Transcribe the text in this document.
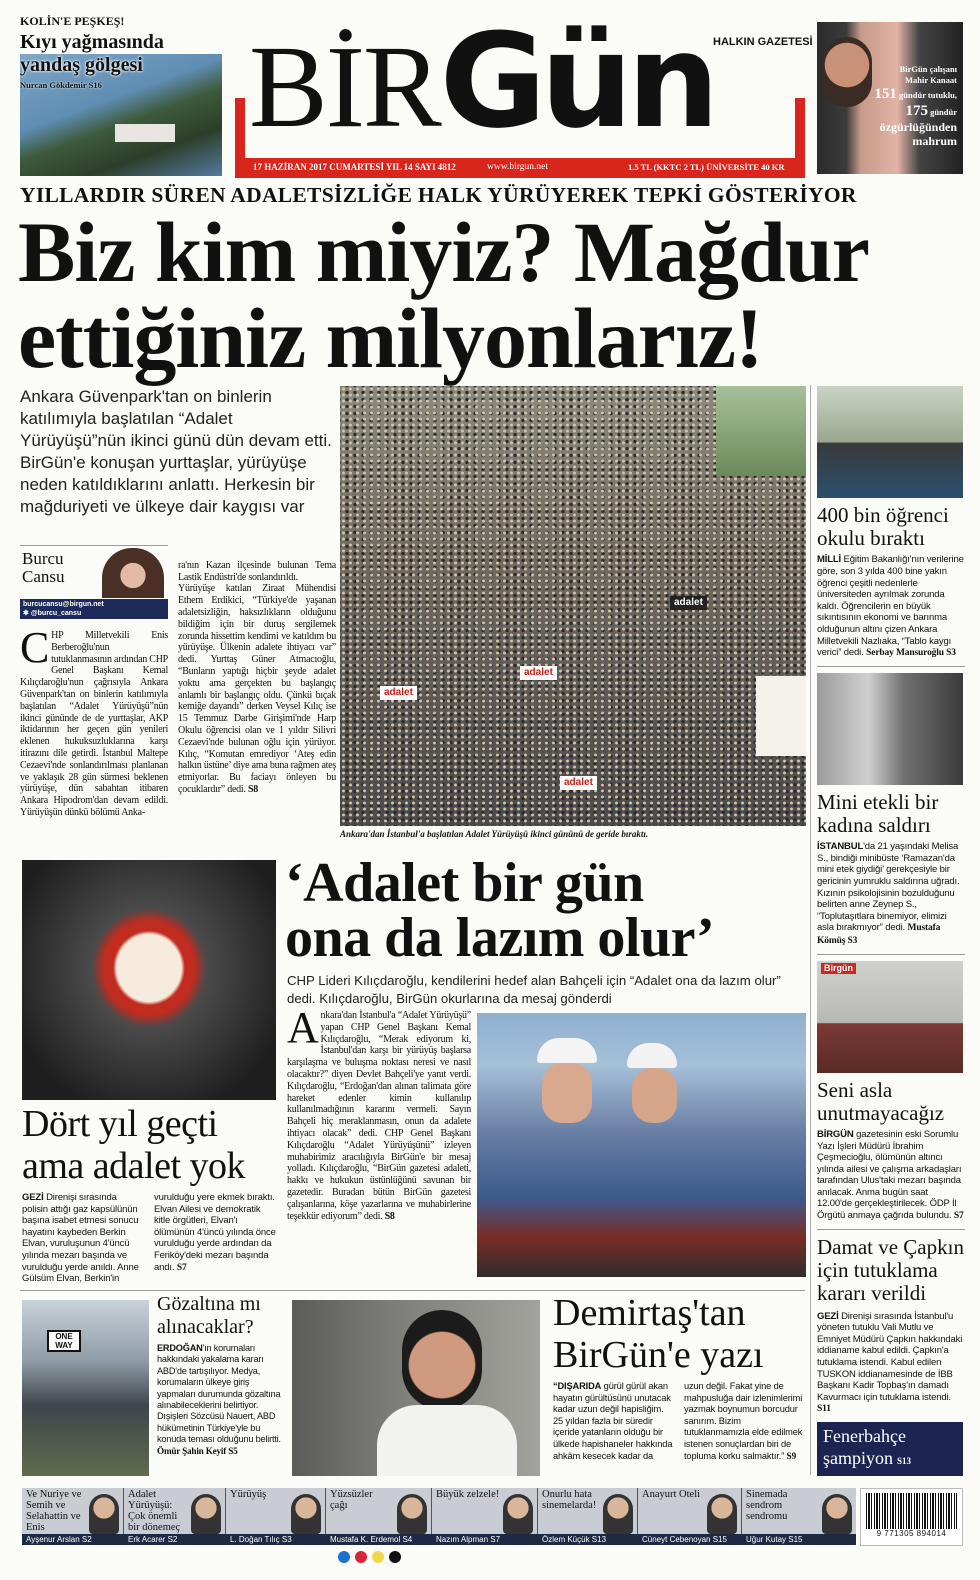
KOLİN'E PEŞKEŞ!
Kıyı yağmasında yandaş gölgesi
Nurcan Gökdemir S16 BİRGün HALKIN GAZETESİ
17 HAZİRAN 2017 CUMARTESİ YIL 14 SAYI 4812	www.birgun.net	1.5 TL (KKTC 2 TL) ÜNİVERSİTE 40 KR
BirGün çalışanı
Mahir Kanaat
151 gündür tutuklu,
175 gündür
özgürlüğünden
mahrum
YILLARDIR SÜREN ADALETSİZLİĞE HALK YÜRÜYEREK TEPKİ GÖSTERİYOR
Biz kim miyiz? Mağdur
ettiğiniz milyonlarız!
Ankara Güvenpark'tan on binlerin katılımıyla başlatılan “Adalet Yürüyüşü”nün ikinci günü dün devam etti. BirGün'e konuşan yurttaşlar, yürüyüşe neden katıldıklarını anlattı. Herkesin bir mağduriyeti ve ülkeye dair kaygısı var
Burcu
Cansu
burcucansu@birgun.net
✱ @burcu_cansu
CHP Milletvekili Enis Berberoğlu'nun tutuklanmasının ardından CHP Genel Başkanı Kemal Kılıçdaroğlu'nun çağrısıyla Ankara Güvenpark'tan on binlerin katılımıyla başlatılan “Adalet Yürüyüşü”nün ikinci gününde de de yurttaşlar, AKP iktidarının her geçen gün yenileri eklenen hukuksuzluklarına karşı itirazını dile getirdi. İstanbul Maltepe Cezaevi'nde sonlandırılması planlanan ve yaklaşık 28 gün sürmesi beklenen yürüyüşe, dün sabahtan itibaren Ankara Hipodrom'dan devam edildi. Yürüyüşün dünkü bölümü Anka-

ra'nın Kazan ilçesinde bulunan Tema Lastik Endüstri'de sonlandırıldı.
Yürüyüşe katılan Ziraat Mühendisi Ethem Erdikici, “Türkiye'de yaşanan adaletsizliğin, haksızlıkların olduğunu bildiğim için bir duruş sergilemek zorunda hissettim kendimi ve katıldım bu yürüyüşe. Ülkenin adalete ihtiyacı var” dedi. Yurttaş Güner Atmacıoğlu, “Bunların yaptığı hiçbir şeyde adalet yoktu ama gerçekten bu başlangıç anlamlı bir başlangıç oldu. Çünkü bıçak kemiğe dayandı” derken Veysel Kılıç ise 15 Temmuz Darbe Girişimi'nde Harp Okulu öğrencisi olan ve 1 yıldır Silivri Cezaevi'nde bulunan oğlu için yürüyor. Kılıç, “Komutan emrediyor ‘Ateş edin halkın üstüne’ diye ama buna rağmen ateş etmiyorlar. Bu faciayı önleyen bu çocuklardır” dedi. S8

adalet
adalet
adalet
adalet
Ankara'dan İstanbul'a başlatılan Adalet Yürüyüşü ikinci gününü de geride bıraktı.
400 bin öğrenci okulu bıraktı
MİLLİ Eğitim Bakanlığı'nın verilerine göre, son 3 yılda 400 bine yakın öğrenci çeşitli nedenlerle üniversiteden ayrılmak zorunda kaldı. Öğrencilerin en büyük sıkıntısının ekonomi ve barınma olduğunun altını çizen Ankara Milletvekili Nazlıaka, “Tablo kaygı verici” dedi. Serbay Mansuroğlu S3
Mini etekli bir kadına saldırı
İSTANBUL'da 21 yaşındaki Melisa S., bindiği minibüste ‘Ramazan'da mini etek giydiği’ gerekçesiyle bir gericinin yumruklu saldırına uğradı. Kızının psikolojisinin bozulduğunu belirten anne Zeynep S., “Toplutaşıtlara binemiyor, elimizi asla bırakmıyor” dedi. Mustafa Kömüş S3
Birgün
Seni asla unutmayacağız
BİRGÜN gazetesinin eski Sorumlu Yazı İşleri Müdürü İbrahim Çeşmecioğlu, ölümünün altıncı yılında ailesi ve çalışma arkadaşları tarafından Ulus'taki mezarı başında anılacak. Anma bugün saat 12.00'de gerçekleştirilecek. ÖDP İl Örgütü anmaya çağrıda bulundu. S7
Damat ve Çapkın için tutuklama kararı verildi
GEZİ Direnişi sırasında İstanbul'u yöneten tutuklu Vali Mutlu ve Emniyet Müdürü Çapkın hakkındaki iddianame kabul edildi. Çapkın'a tutuklama istendi. Kabul edilen TUSKON iddianamesinde de İBB Başkanı Kadir Topbaş'ın damadı Kavurmacı için tutuklama istendi. S11
Fenerbahçe şampiyon S13
Dört yıl geçti
ama adalet yok
GEZİ Direnişi sırasında polisin attığı gaz kapsülünün başına isabet etmesi sonucu hayatını kaybeden Berkin Elvan, vuruluşunun 4'üncü yılında mezarı başında ve vurulduğu yerde anıldı. Anne Gülsüm Elvan, Berkin'in vurulduğu yere ekmek bıraktı. Elvan Ailesi ve demokratik kitle örgütleri, Elvan'ı ölümünün 4'üncü yılında önce vurulduğu yerde ardından da Feriköy'deki mezarı başında andı. S7
‘Adalet bir gün
ona da lazım olur’
CHP Lideri Kılıçdaroğlu, kendilerini hedef alan Bahçeli için “Adalet ona da lazım olur” dedi. Kılıçdaroğlu, BirGün okurlarına da mesaj gönderdi
Ankara'dan İstanbul'a “Adalet Yürüyüşü” yapan CHP Genel Başkanı Kemal Kılıçdaroğlu, “Merak ediyorum ki, İstanbul'dan karşı bir yürüyüş başlarsa karşılaşma ve buluşma noktası neresi ve nasıl olacaktır?” diyen Devlet Bahçeli'ye yanıt verdi. Kılıçdaroğlu, “Erdoğan'dan alınan talimata göre hareket edenler kimin kullanılıp kullanılmadığının kararını vermeli. Sayın Bahçeli hiç meraklanmasın, onun da adalete ihtiyacı olacak” dedi. CHP Genel Başkanı Kılıçdaroğlu “Adalet Yürüyüşünü” izleyen muhabirimiz aracılığıyla BirGün'e bir mesaj yolladı. Kılıçdaroğlu, “BirGün gazetesi adaleti, hakkı ve hukukun üstünlüğünü savunan bir gazetedir. Buradan bütün BirGün gazetesi çalışanlarına, köşe yazarlarına ve muhabirlerine teşekkür ediyorum” dedi. S8
ONE WAY
Gözaltına mı alınacaklar?
ERDOĞAN'ın korumaları hakkındaki yakalama kararı ABD'de tartışılıyor. Medya, korumaların ülkeye giriş yapmaları durumunda gözaltına alınabileceklerini belirtiyor. Dışişleri Sözcüsü Nauert, ABD hükümetinin Türkiye'yle bu konuda teması olduğunu belirtti. Ömür Şahin Keyif S5
Demirtaş'tan
BirGün'e yazı
“DIŞARIDA gürül gürül akan hayatın gürültüsünü unutacak kadar uzun değil hapisliğim. 25 yıldan fazla bir süredir içeride yatanların olduğu bir ülkede hapishaneler hakkında ahkâm kesecek kadar da uzun değil. Fakat yine de mahpusluğa dair izlenimlerimi yazmak boynumun borcudur sanırım. Bizim tutuklanmamızla elde edilmek istenen sonuçlardan biri de topluma korku salmaktır.” S9
Ve Nuriye ve Semih ve Selahattin ve Enis
Ayşenur Arslan S2
Adalet Yürüyüşü: Çok önemli bir dönemeç
Erk Acarer S2
Yürüyüş
L. Doğan Tılıç S3
Yüzsüzler çağı
Mustafa K. Erdemol S4
Büyük zelzele!
Nazım Alpman S7
Onurlu hata sinemelarda!
Özlem Küçük S13
Anayurt Oteli
Cüneyt Cebenoyan S15
Sinemada sendrom sendromu
Uğur Kutay S15
9 771305 894014
